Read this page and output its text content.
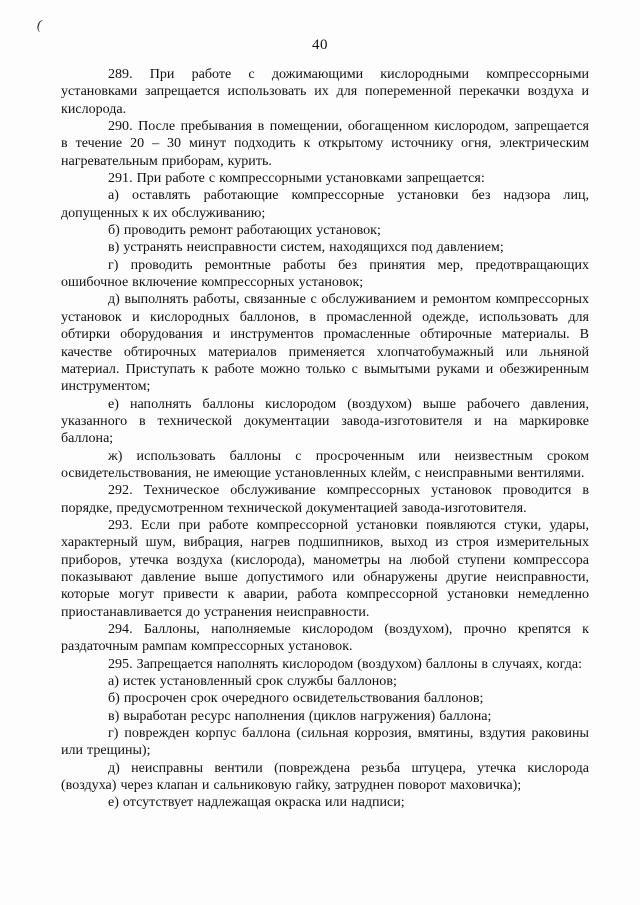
(
40

289. При работе с дожимающими кислородными компрессорными установками запрещается использовать их для попеременной перекачки воздуха и кислорода.

290. После пребывания в помещении, обогащенном кислородом, запрещается в течение 20 – 30 минут подходить к открытому источнику огня, электрическим нагревательным приборам, курить.

291. При работе с компрессорными установками запрещается:

а) оставлять работающие компрессорные установки без надзора лиц, допущенных к их обслуживанию;

б) проводить ремонт работающих установок;

в) устранять неисправности систем, находящихся под давлением;

г) проводить ремонтные работы без принятия мер, предотвращающих ошибочное включение компрессорных установок;

д) выполнять работы, связанные с обслуживанием и ремонтом компрессорных установок и кислородных баллонов, в промасленной одежде, использовать для обтирки оборудования и инструментов промасленные обтирочные материалы. В качестве обтирочных материалов применяется хлопчатобумажный или льняной материал. Приступать к работе можно только с вымытыми руками и обезжиренным инструментом;

е) наполнять баллоны кислородом (воздухом) выше рабочего давления, указанного в технической документации завода-изготовителя и на маркировке баллона;

ж) использовать баллоны с просроченным или неизвестным сроком освидетельствования, не имеющие установленных клейм, с неисправными вентилями.

292. Техническое обслуживание компрессорных установок проводится в порядке, предусмотренном технической документацией завода-изготовителя.

293. Если при работе компрессорной установки появляются стуки, удары, характерный шум, вибрация, нагрев подшипников, выход из строя измерительных приборов, утечка воздуха (кислорода), манометры на любой ступени компрессора показывают давление выше допустимого или обнаружены другие неисправности, которые могут привести к аварии, работа компрессорной установки немедленно приостанавливается до устранения неисправности.

294. Баллоны, наполняемые кислородом (воздухом), прочно крепятся к раздаточным рампам компрессорных установок.

295. Запрещается наполнять кислородом (воздухом) баллоны в случаях, когда:

а) истек установленный срок службы баллонов;

б) просрочен срок очередного освидетельствования баллонов;

в) выработан ресурс наполнения (циклов нагружения) баллона;

г) поврежден корпус баллона (сильная коррозия, вмятины, вздутия раковины или трещины);

д) неисправны вентили (повреждена резьба штуцера, утечка кислорода (воздуха) через клапан и сальниковую гайку, затруднен поворот маховичка);

е) отсутствует надлежащая окраска или надписи;
